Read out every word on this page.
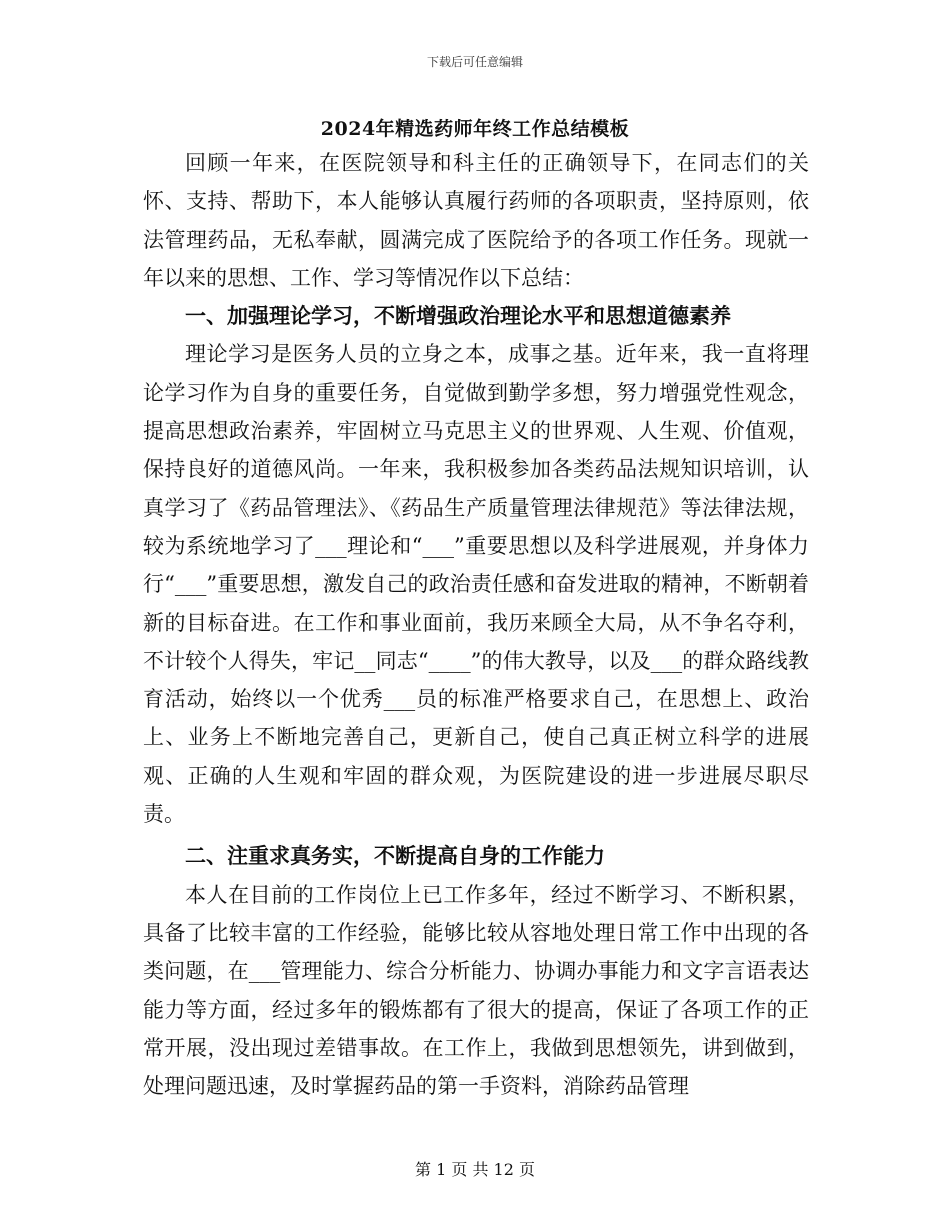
下载后可任意编辑
2024年精选药师年终工作总结模板

回顾一年来，在医院领导和科主任的正确领导下，在同志们的关怀、支持、帮助下，本人能够认真履行药师的各项职责，坚持原则，依法管理药品，无私奉献，圆满完成了医院给予的各项工作任务。现就一年以来的思想、工作、学习等情况作以下总结：

一、加强理论学习，不断增强政治理论水平和思想道德素养

理论学习是医务人员的立身之本，成事之基。近年来，我一直将理论学习作为自身的重要任务，自觉做到勤学多想，努力增强党性观念，提高思想政治素养，牢固树立马克思主义的世界观、人生观、价值观，保持良好的道德风尚。一年来，我积极参加各类药品法规知识培训，认真学习了《药品管理法》、《药品生产质量管理法律规范》等法律法规，较为系统地学习了___理论和“___”重要思想以及科学进展观，并身体力行“___”重要思想，激发自己的政治责任感和奋发进取的精神，不断朝着新的目标奋进。在工作和事业面前，我历来顾全大局，从不争名夺利，不计较个人得失，牢记__同志“____”的伟大教导，以及___的群众路线教育活动，始终以一个优秀___员的标准严格要求自己，在思想上、政治上、业务上不断地完善自己，更新自己，使自己真正树立科学的进展观、正确的人生观和牢固的群众观，为医院建设的进一步进展尽职尽责。

二、注重求真务实，不断提高自身的工作能力

本人在目前的工作岗位上已工作多年，经过不断学习、不断积累，具备了比较丰富的工作经验，能够比较从容地处理日常工作中出现的各类问题，在___管理能力、综合分析能力、协调办事能力和文字言语表达能力等方面，经过多年的锻炼都有了很大的提高，保证了各项工作的正常开展，没出现过差错事故。在工作上，我做到思想领先，讲到做到，处理问题迅速，及时掌握药品的第一手资料，消除药品管理

第 1 页 共 12 页
